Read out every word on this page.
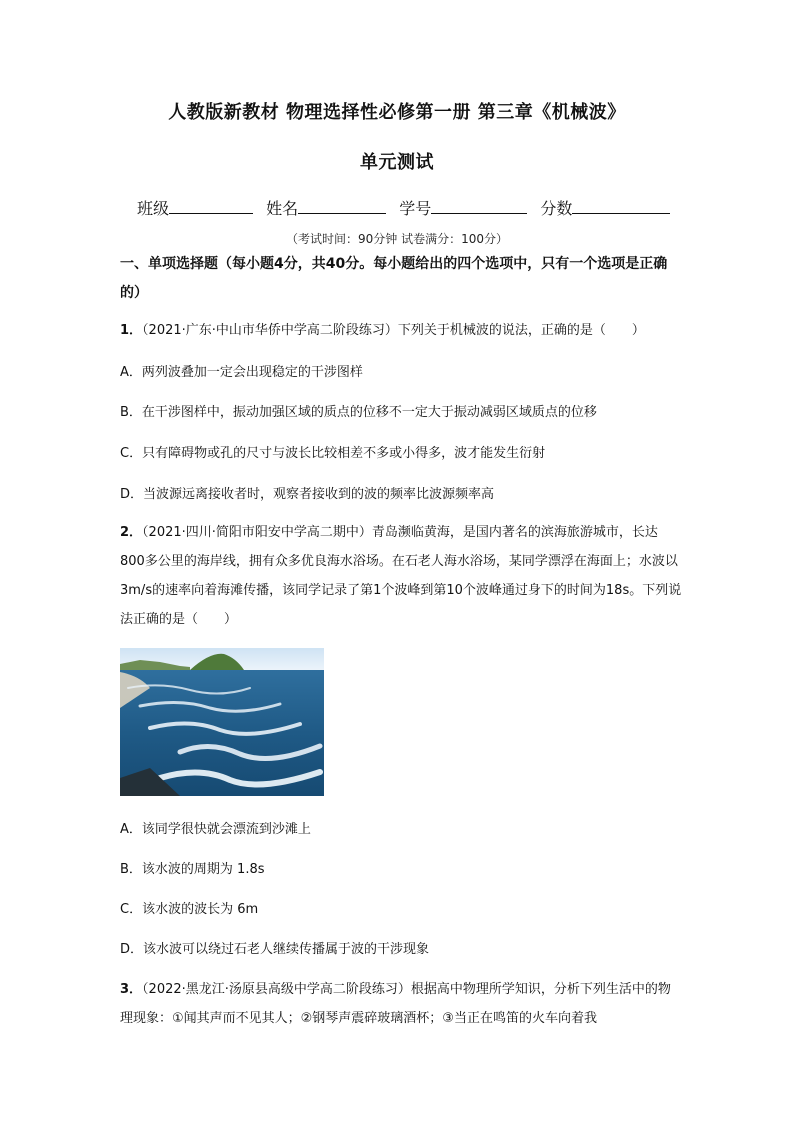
人教版新教材 物理选择性必修第一册 第三章《机械波》
单元测试
班级	姓名	学号	分数
（考试时间：90分钟 试卷满分：100分）
一、单项选择题（每小题4分，共40分。每小题给出的四个选项中，只有一个选项是正确的）
1．（2021·广东·中山市华侨中学高二阶段练习）下列关于机械波的说法，正确的是（　　）
A．两列波叠加一定会出现稳定的干涉图样
B．在干涉图样中，振动加强区域的质点的位移不一定大于振动减弱区域质点的位移
C．只有障碍物或孔的尺寸与波长比较相差不多或小得多，波才能发生衍射
D．当波源远离接收者时，观察者接收到的波的频率比波源频率高
2．（2021·四川·简阳市阳安中学高二期中）青岛濒临黄海，是国内著名的滨海旅游城市，长达800多公里的海岸线，拥有众多优良海水浴场。在石老人海水浴场，某同学漂浮在海面上；水波以3m/s的速率向着海滩传播，该同学记录了第1个波峰到第10个波峰通过身下的时间为18s。下列说法正确的是（　　）
A．该同学很快就会漂流到沙滩上
B．该水波的周期为 1.8s
C．该水波的波长为 6m
D．该水波可以绕过石老人继续传播属于波的干涉现象
3．（2022·黑龙江·汤原县高级中学高二阶段练习）根据高中物理所学知识，分析下列生活中的物理现象：①闻其声而不见其人；②钢琴声震碎玻璃酒杯；③当正在鸣笛的火车向着我
